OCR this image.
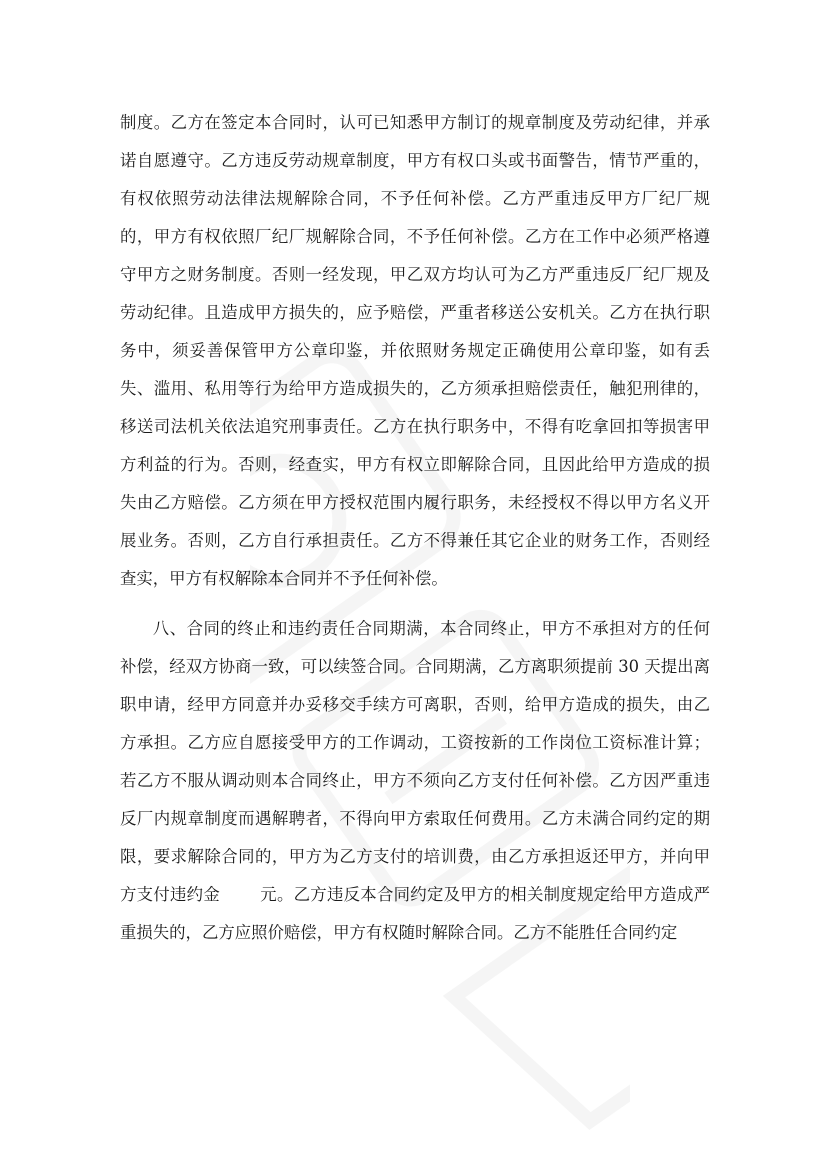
制度。乙方在签定本合同时，认可已知悉甲方制订的规章制度及劳动纪律，并承诺自愿遵守。乙方违反劳动规章制度，甲方有权口头或书面警告，情节严重的，有权依照劳动法律法规解除合同，不予任何补偿。乙方严重违反甲方厂纪厂规的，甲方有权依照厂纪厂规解除合同，不予任何补偿。乙方在工作中必须严格遵守甲方之财务制度。否则一经发现，甲乙双方均认可为乙方严重违反厂纪厂规及劳动纪律。且造成甲方损失的，应予赔偿，严重者移送公安机关。乙方在执行职务中，须妥善保管甲方公章印鉴，并依照财务规定正确使用公章印鉴，如有丢失、滥用、私用等行为给甲方造成损失的，乙方须承担赔偿责任，触犯刑律的，移送司法机关依法追究刑事责任。乙方在执行职务中，不得有吃拿回扣等损害甲方利益的行为。否则，经查实，甲方有权立即解除合同，且因此给甲方造成的损失由乙方赔偿。乙方须在甲方授权范围内履行职务，未经授权不得以甲方名义开展业务。否则，乙方自行承担责任。乙方不得兼任其它企业的财务工作，否则经查实，甲方有权解除本合同并不予任何补偿。

八、合同的终止和违约责任合同期满，本合同终止，甲方不承担对方的任何补偿，经双方协商一致，可以续签合同。合同期满，乙方离职须提前 30 天提出离职申请，经甲方同意并办妥移交手续方可离职，否则，给甲方造成的损失，由乙方承担。乙方应自愿接受甲方的工作调动，工资按新的工作岗位工资标准计算；若乙方不服从调动则本合同终止，甲方不须向乙方支付任何补偿。乙方因严重违反厂内规章制度而遇解聘者，不得向甲方索取任何费用。乙方未满合同约定的期限，要求解除合同的，甲方为乙方支付的培训费，由乙方承担返还甲方，并向甲方支付违约金 元。乙方违反本合同约定及甲方的相关制度规定给甲方造成严重损失的，乙方应照价赔偿，甲方有权随时解除合同。乙方不能胜任合同约定
